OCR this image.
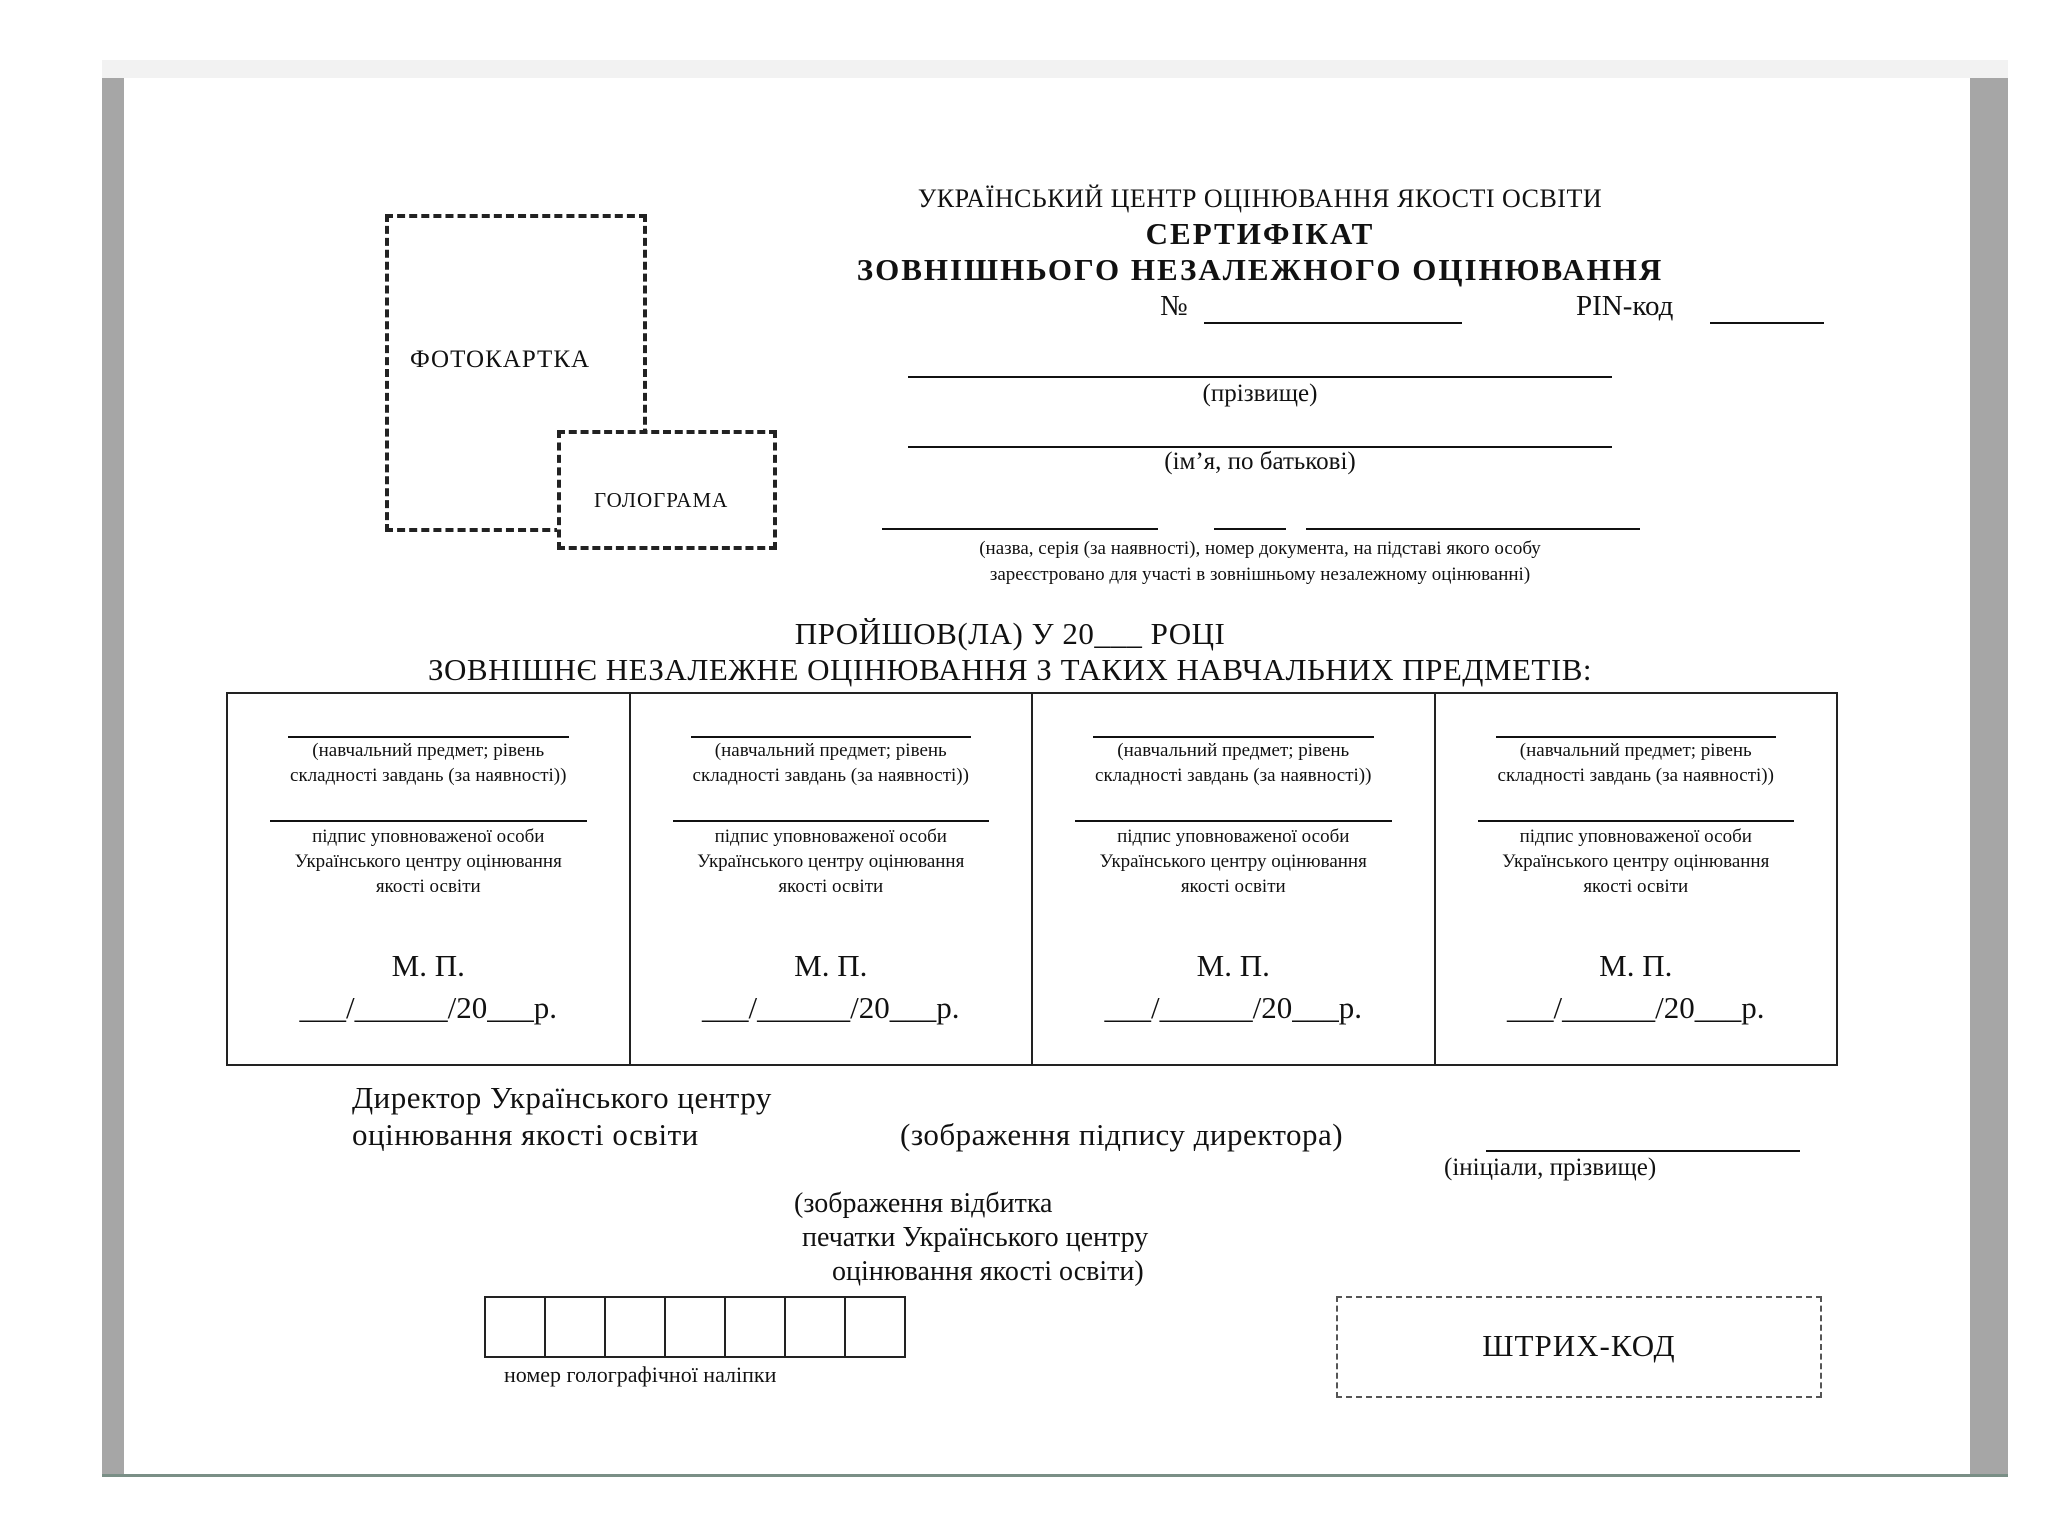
ФОТОКАРТКА
ГОЛОГРАМА
УКРАЇНСЬКИЙ ЦЕНТР ОЦІНЮВАННЯ ЯКОСТІ ОСВІТИ
СЕРТИФІКАТ
ЗОВНІШНЬОГО НЕЗАЛЕЖНОГО ОЦІНЮВАННЯ
№	PIN-код
(прізвище)
(ім’я, по батькові)
(назва, серія (за наявності), номер документа, на підставі якого особу
зареєстровано для участі в зовнішньому незалежному оцінюванні)
ПРОЙШОВ(ЛА) У 20___ РОЦІ
ЗОВНІШНЄ НЕЗАЛЕЖНЕ ОЦІНЮВАННЯ З ТАКИХ НАВЧАЛЬНИХ ПРЕДМЕТІВ:
(навчальний предмет; рівень
складності завдань (за наявності))
підпис уповноваженої особи
Українського центру оцінювання
якості освіти
М. П.
___/______/20___р.
(навчальний предмет; рівень
складності завдань (за наявності))
підпис уповноваженої особи
Українського центру оцінювання
якості освіти
М. П.
___/______/20___р.
(навчальний предмет; рівень
складності завдань (за наявності))
підпис уповноваженої особи
Українського центру оцінювання
якості освіти
М. П.
___/______/20___р.
(навчальний предмет; рівень
складності завдань (за наявності))
підпис уповноваженої особи
Українського центру оцінювання
якості освіти
М. П.
___/______/20___р.
Директор Українського центру
оцінювання якості освіти	(зображення підпису директора)
(ініціали, прізвище)
(зображення відбитка
печатки Українського центру
оцінювання якості освіти)
номер голографічної наліпки
ШТРИХ-КОД
